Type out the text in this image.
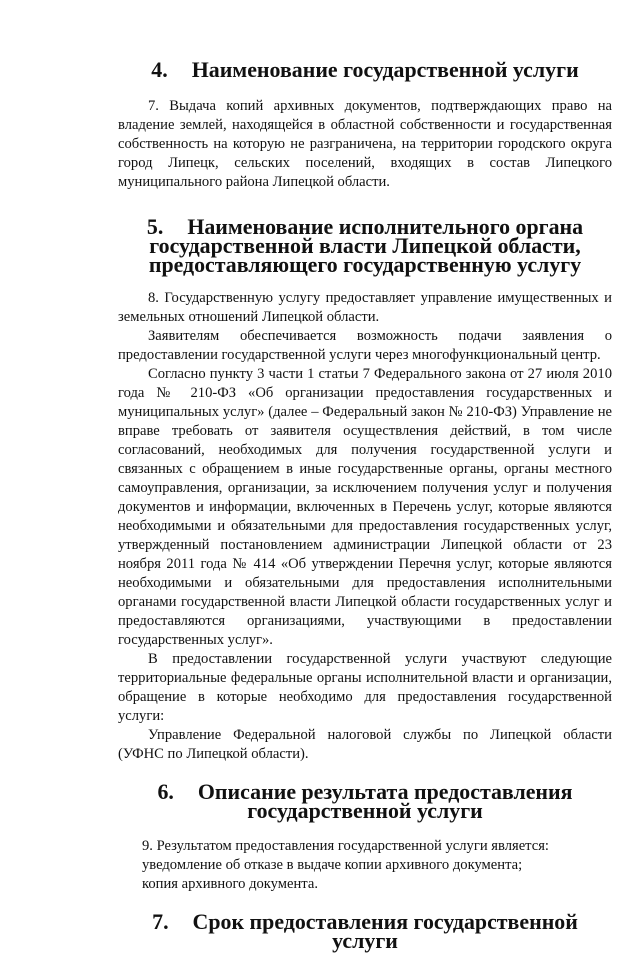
4. Наименование государственной услуги

7. Выдача копий архивных документов, подтверждающих право на владение землей, находящейся в областной собственности и государственная собственность на которую не разграничена, на территории городского округа город Липецк, сельских поселений, входящих в состав Липецкого муниципального района Липецкой области.

5. Наименование исполнительного органа государственной власти Липецкой области, предоставляющего государственную услугу

8. Государственную услугу предоставляет управление имущественных и земельных отношений Липецкой области.

Заявителям обеспечивается возможность подачи заявления о предоставлении государственной услуги через многофункциональный центр.

Согласно пункту 3 части 1 статьи 7 Федерального закона от 27 июля 2010 года № 210-ФЗ «Об организации предоставления государственных и муниципальных услуг» (далее – Федеральный закон № 210-ФЗ) Управление не вправе требовать от заявителя осуществления действий, в том числе согласований, необходимых для получения государственной услуги и связанных с обращением в иные государственные органы, органы местного самоуправления, организации, за исключением получения услуг и получения документов и информации, включенных в Перечень услуг, которые являются необходимыми и обязательными для предоставления государственных услуг, утвержденный постановлением администрации Липецкой области от 23 ноября 2011 года № 414 «Об утверждении Перечня услуг, которые являются необходимыми и обязательными для предоставления исполнительными органами государственной власти Липецкой области государственных услуг и предоставляются организациями, участвующими в предоставлении государственных услуг».

В предоставлении государственной услуги участвуют следующие территориальные федеральные органы исполнительной власти и организации, обращение в которые необходимо для предоставления государственной услуги:

Управление Федеральной налоговой службы по Липецкой области (УФНС по Липецкой области).

6. Описание результата предоставления государственной услуги

9. Результатом предоставления государственной услуги является:

уведомление об отказе в выдаче копии архивного документа;

копия архивного документа.

7. Срок предоставления государственной услуги
